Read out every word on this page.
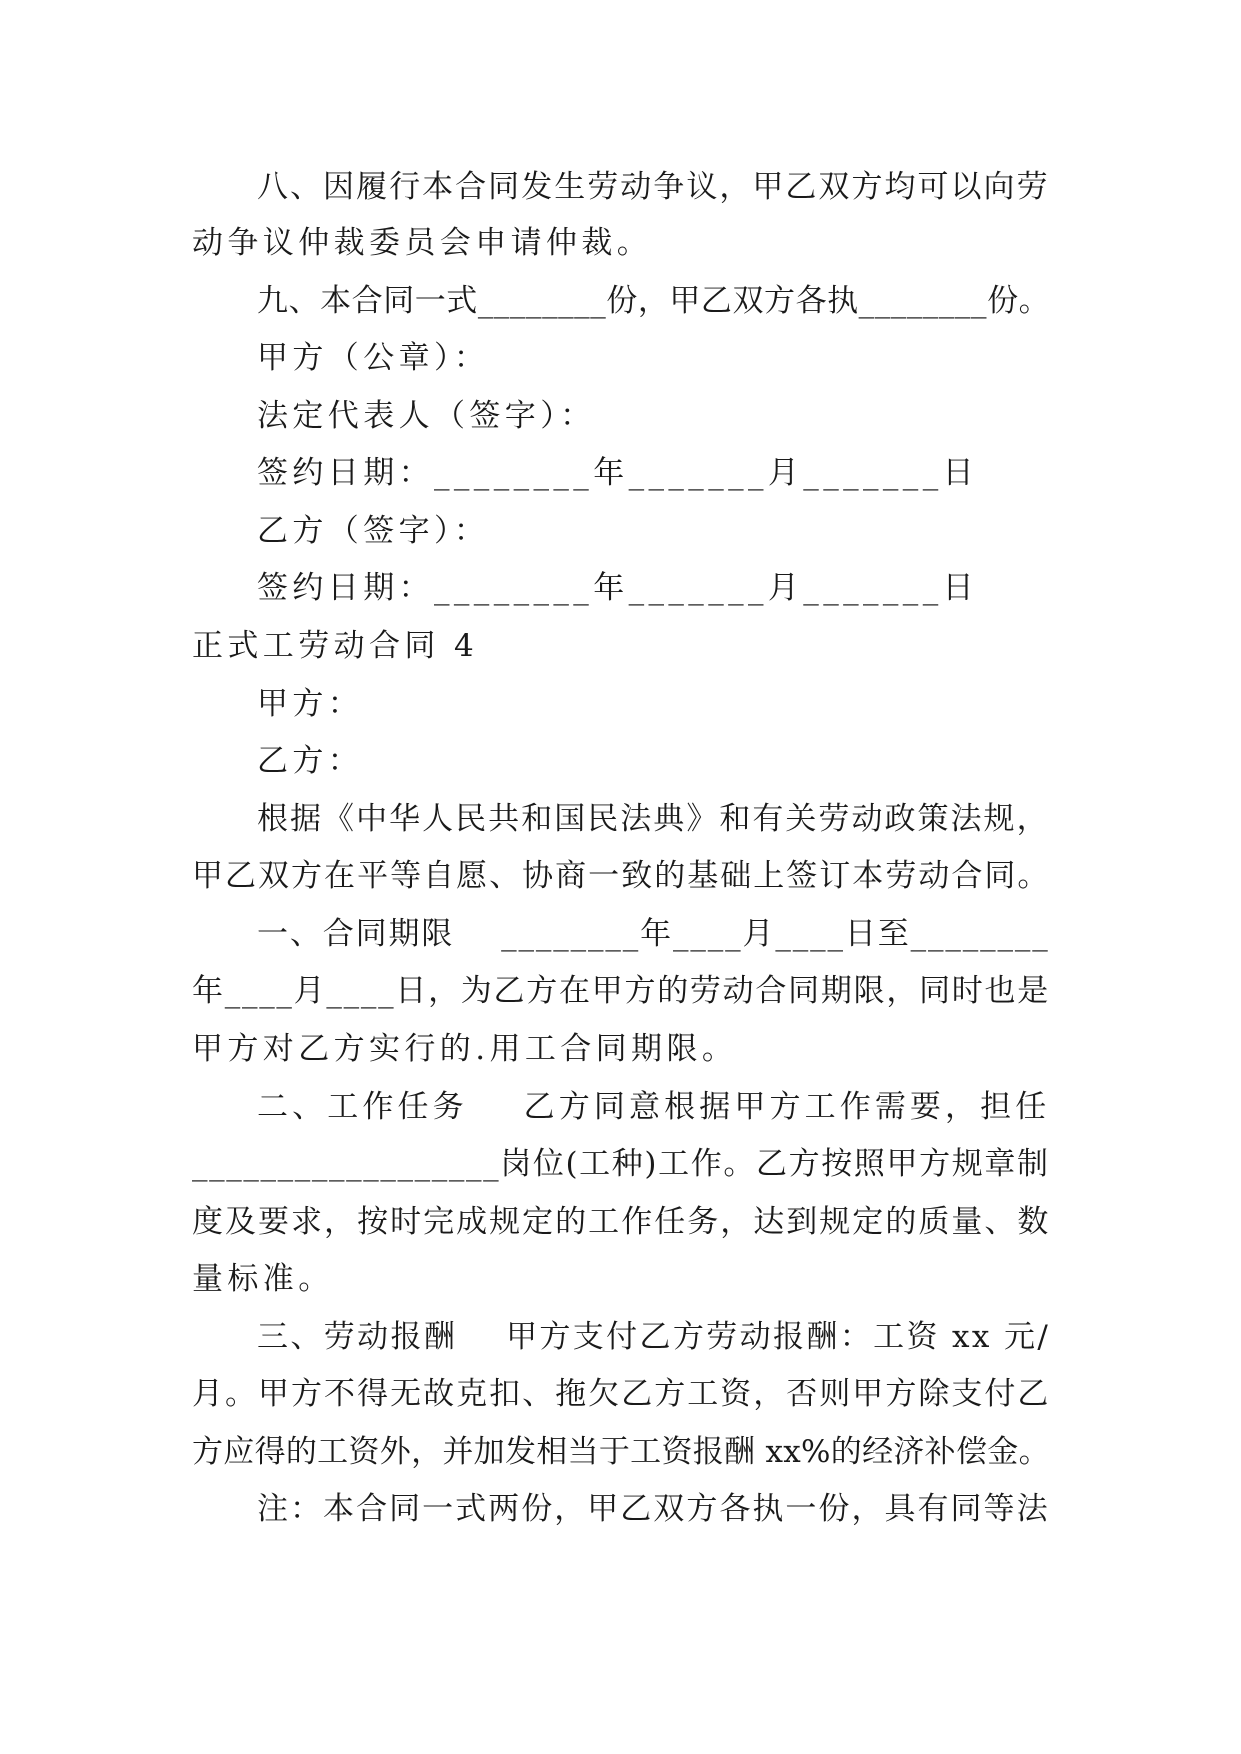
八、因履行本合同发生劳动争议，甲乙双方均可以向劳
动争议仲裁委员会申请仲裁。
九、本合同一式________份，甲乙双方各执________份。
甲方（公章）：
法定代表人（签字）：
签约日期：________年_______月_______日
乙方（签字）：
签约日期：________年_______月_______日
正式工劳动合同 4
甲方：
乙方：
根据《中华人民共和国民法典》和有关劳动政策法规，
甲乙双方在平等自愿、协商一致的基础上签订本劳动合同。
一、合同期限    ________年____月____日至________
年____月____日，为乙方在甲方的劳动合同期限，同时也是
甲方对乙方实行的.用工合同期限。
二、工作任务    乙方同意根据甲方工作需要，担任
__________________岗位(工种)工作。乙方按照甲方规章制
度及要求，按时完成规定的工作任务，达到规定的质量、数
量标准。
三、劳动报酬    甲方支付乙方劳动报酬：工资 xx 元/
月。甲方不得无故克扣、拖欠乙方工资，否则甲方除支付乙
方应得的工资外，并加发相当于工资报酬 xx%的经济补偿金。
注：本合同一式两份，甲乙双方各执一份，具有同等法
